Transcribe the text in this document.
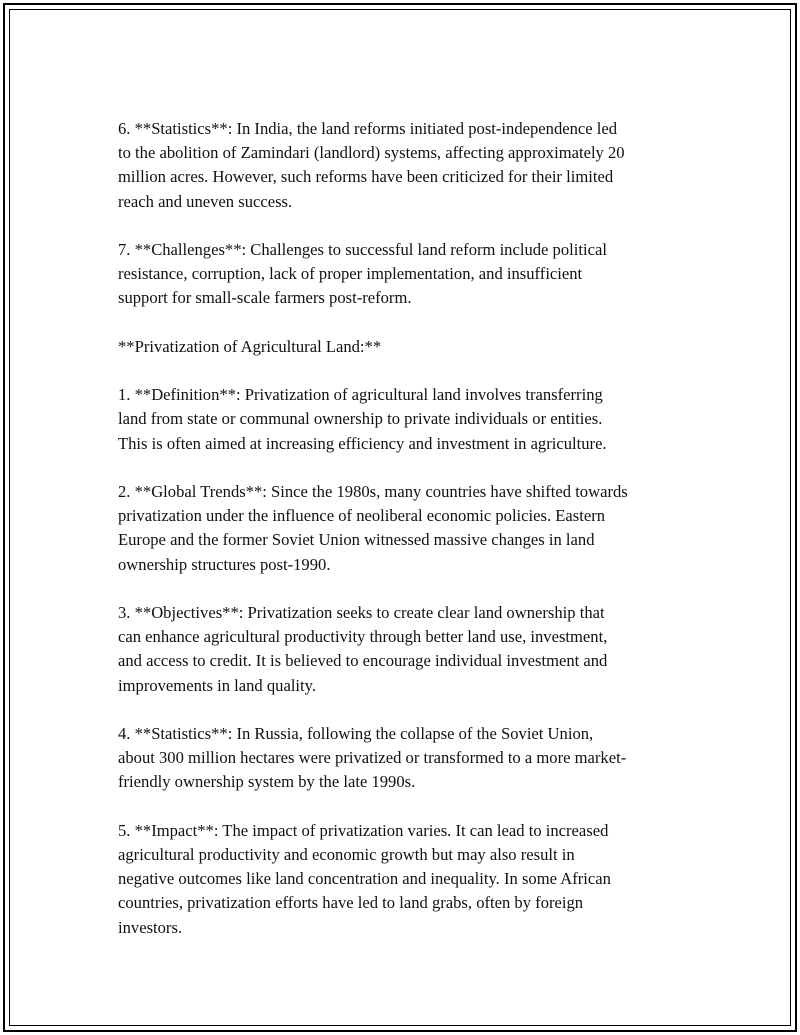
6. **Statistics**: In India, the land reforms initiated post-independence led
to the abolition of Zamindari (landlord) systems, affecting approximately 20
million acres. However, such reforms have been criticized for their limited
reach and uneven success.

7. **Challenges**: Challenges to successful land reform include political
resistance, corruption, lack of proper implementation, and insufficient
support for small-scale farmers post-reform.

**Privatization of Agricultural Land:**

1. **Definition**: Privatization of agricultural land involves transferring
land from state or communal ownership to private individuals or entities.
This is often aimed at increasing efficiency and investment in agriculture.

2. **Global Trends**: Since the 1980s, many countries have shifted towards
privatization under the influence of neoliberal economic policies. Eastern
Europe and the former Soviet Union witnessed massive changes in land
ownership structures post-1990.

3. **Objectives**: Privatization seeks to create clear land ownership that
can enhance agricultural productivity through better land use, investment,
and access to credit. It is believed to encourage individual investment and
improvements in land quality.

4. **Statistics**: In Russia, following the collapse of the Soviet Union,
about 300 million hectares were privatized or transformed to a more market-
friendly ownership system by the late 1990s.

5. **Impact**: The impact of privatization varies. It can lead to increased
agricultural productivity and economic growth but may also result in
negative outcomes like land concentration and inequality. In some African
countries, privatization efforts have led to land grabs, often by foreign
investors.
